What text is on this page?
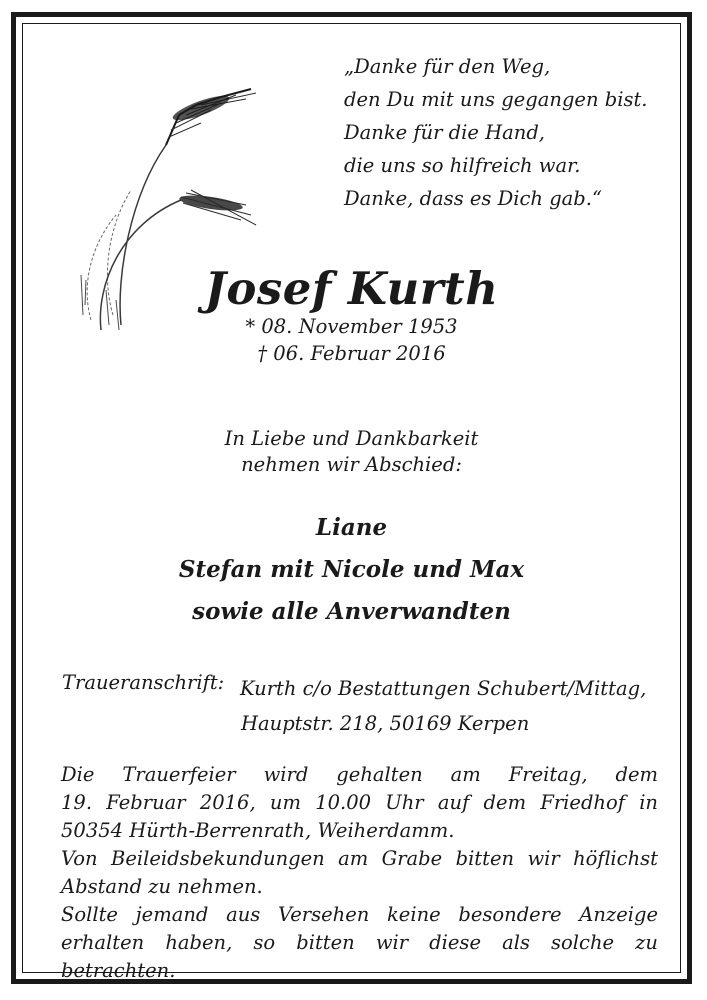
„Danke für den Weg,
den Du mit uns gegangen bist.
Danke für die Hand,
die uns so hilfreich war.
Danke, dass es Dich gab.“
Josef Kurth
* 08. November 1953
† 06. Februar 2016
In Liebe und Dankbarkeit
nehmen wir Abschied:
Liane
Stefan mit Nicole und Max
sowie alle Anverwandten
Traueranschrift: Kurth c/o Bestattungen Schubert/Mittag,
Hauptstr. 218, 50169 Kerpen
Die Trauerfeier wird gehalten am Freitag, dem
19. Februar 2016, um 10.00 Uhr auf dem Friedhof in
50354 Hürth-Berrenrath, Weiherdamm.
Von Beileidsbekundungen am Grabe bitten wir höflichst
Abstand zu nehmen.
Sollte jemand aus Versehen keine besondere Anzeige
erhalten haben, so bitten wir diese als solche zu betrachten.
